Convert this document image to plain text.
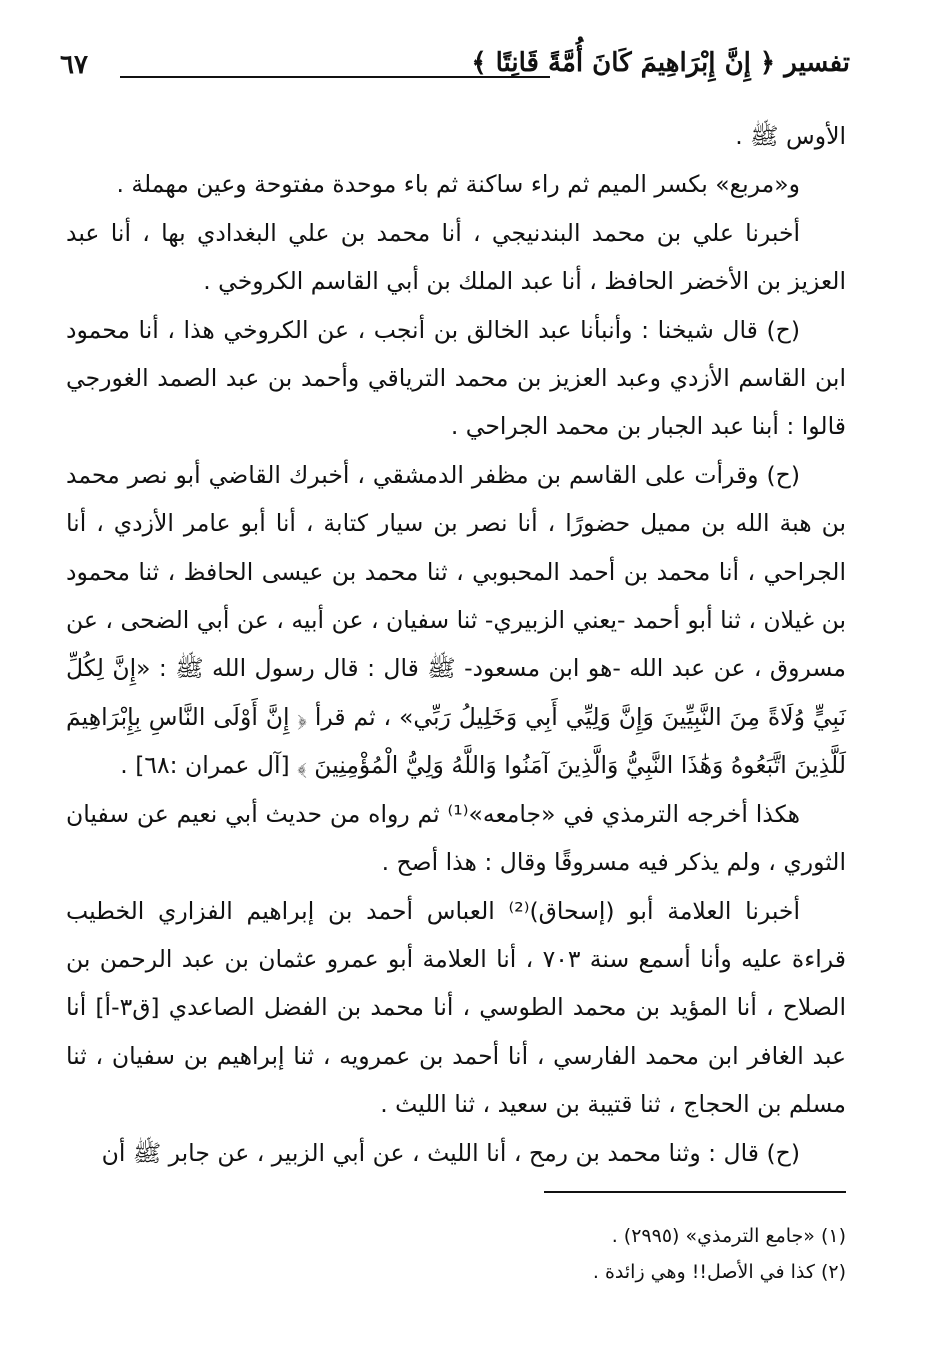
تفسير ﴿ إِنَّ إِبْرَاهِيمَ كَانَ أُمَّةً قَانِتًا ﴾
٦٧

الأوس ﷺ .

و«مربع» بكسر الميم ثم راء ساكنة ثم باء موحدة مفتوحة وعين مهملة .

أخبرنا علي بن محمد البندنيجي ، أنا محمد بن علي البغدادي بها ، أنا عبد العزيز بن الأخضر الحافظ ، أنا عبد الملك بن أبي القاسم الكروخي .

(ح) قال شيخنا : وأنبأنا عبد الخالق بن أنجب ، عن الكروخي هذا ، أنا محمود ابن القاسم الأزدي وعبد العزيز بن محمد الترياقي وأحمد بن عبد الصمد الغورجي قالوا : أبنا عبد الجبار بن محمد الجراحي .

(ح) وقرأت على القاسم بن مظفر الدمشقي ، أخبرك القاضي أبو نصر محمد بن هبة الله بن مميل حضورًا ، أنا نصر بن سيار كتابة ، أنا أبو عامر الأزدي ، أنا الجراحي ، أنا محمد بن أحمد المحبوبي ، ثنا محمد بن عيسى الحافظ ، ثنا محمود بن غيلان ، ثنا أبو أحمد -يعني الزبيري- ثنا سفيان ، عن أبيه ، عن أبي الضحى ، عن مسروق ، عن عبد الله -هو ابن مسعود- ﷺ قال : قال رسول الله ﷺ : «إِنَّ لِكُلِّ نَبِيٍّ وُلَاةً مِنَ النَّبِيِّينَ وَإِنَّ وَلِيِّي أَبِي وَخَلِيلُ رَبِّي» ، ثم قرأ ﴿ إِنَّ أَوْلَى النَّاسِ بِإِبْرَاهِيمَ لَلَّذِينَ اتَّبَعُوهُ وَهَٰذَا النَّبِيُّ وَالَّذِينَ آمَنُوا وَاللَّهُ وَلِيُّ الْمُؤْمِنِينَ ﴾ [آل عمران :٦٨] .

هكذا أخرجه الترمذي في «جامعه»⁽¹⁾ ثم رواه من حديث أبي نعيم عن سفيان الثوري ، ولم يذكر فيه مسروقًا وقال : هذا أصح .

أخبرنا العلامة أبو (إسحاق)⁽²⁾ العباس أحمد بن إبراهيم الفزاري الخطيب قراءة عليه وأنا أسمع سنة ٧٠٣ ، أنا العلامة أبو عمرو عثمان بن عبد الرحمن بن الصلاح ، أنا المؤيد بن محمد الطوسي ، أنا محمد بن الفضل الصاعدي [ق٣-أ] أنا عبد الغافر ابن محمد الفارسي ، أنا أحمد بن عمرويه ، ثنا إبراهيم بن سفيان ، ثنا مسلم بن الحجاج ، ثنا قتيبة بن سعيد ، ثنا الليث .

(ح) قال : وثنا محمد بن رمح ، أنا الليث ، عن أبي الزبير ، عن جابر ﷺ أن

(١) «جامع الترمذي» (٢٩٩٥) .

(٢) كذا في الأصل!! وهي زائدة .
